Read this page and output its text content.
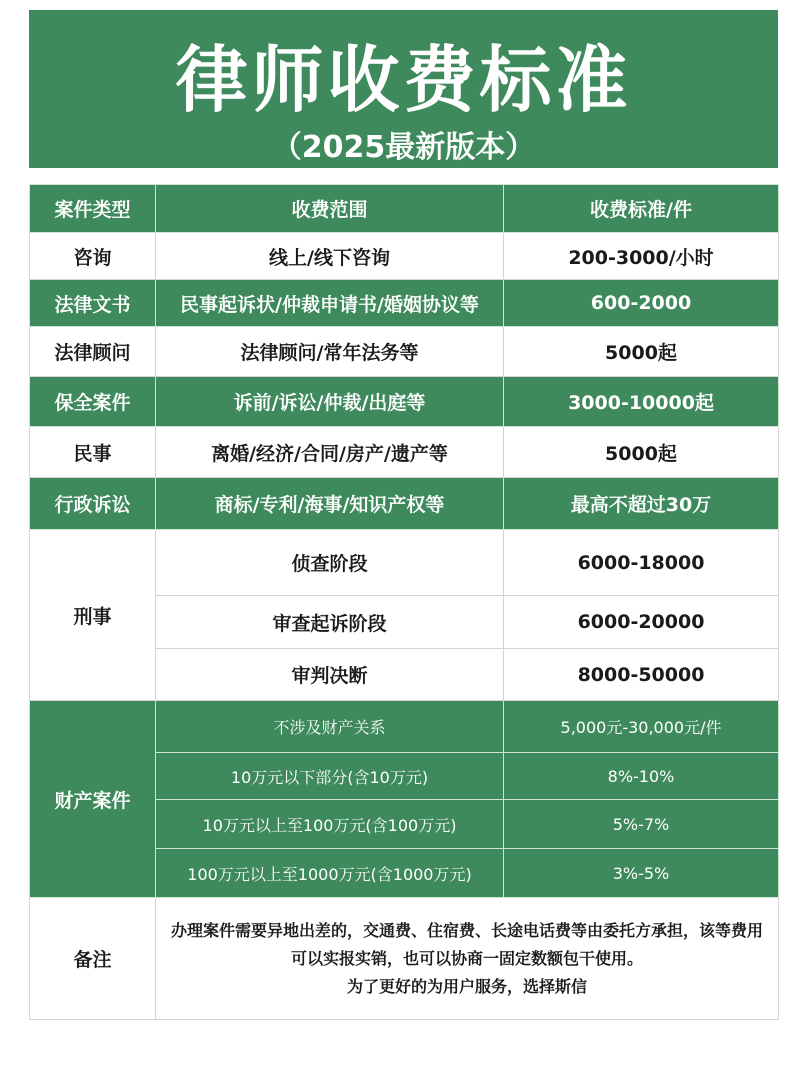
律师收费标准
（2025最新版本）
案件类型	收费范围	收费标准/件
咨询	线上/线下咨询	200-3000/小时
法律文书	民事起诉状/仲裁申请书/婚姻协议等	600-2000
法律顾问	法律顾问/常年法务等	5000起
保全案件	诉前/诉讼/仲裁/出庭等	3000-10000起
民事	离婚/经济/合同/房产/遗产等	5000起
行政诉讼	商标/专利/海事/知识产权等	最高不超过30万
刑事	侦查阶段	6000-18000
	审查起诉阶段	6000-20000
	审判决断	8000-50000
财产案件	不涉及财产关系	5,000元-30,000元/件
	10万元以下部分(含10万元)	8%-10%
	10万元以上至100万元(含100万元)	5%-7%
	100万元以上至1000万元(含1000万元)	3%-5%
备注	办理案件需要异地出差的，交通费、住宿费、长途电话费等由委托方承担，该等费用可以实报实销，也可以协商一固定数额包干使用。
为了更好的为用户服务，选择斯信	
